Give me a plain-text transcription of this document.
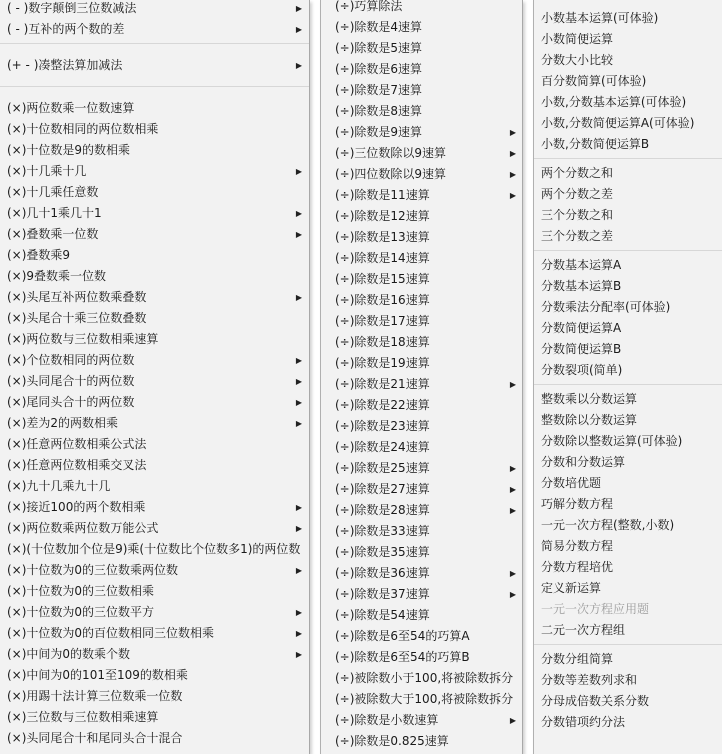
( - )数字颠倒三位数减法	▶
( - )互补的两个数的差	▶
(+ - )凑整法算加减法	▶
(×)两位数乘一位数速算
(×)十位数相同的两位数相乘
(×)十位数是9的数相乘
(×)十几乘十几	▶
(×)十几乘任意数
(×)几十1乘几十1	▶
(×)叠数乘一位数	▶
(×)叠数乘9
(×)9叠数乘一位数
(×)头尾互补两位数乘叠数	▶
(×)头尾合十乘三位数叠数
(×)两位数与三位数相乘速算
(×)个位数相同的两位数	▶
(×)头同尾合十的两位数	▶
(×)尾同头合十的两位数	▶
(×)差为2的两数相乘	▶
(×)任意两位数相乘公式法
(×)任意两位数相乘交叉法
(×)九十几乘九十几
(×)接近100的两个数相乘	▶
(×)两位数乘两位数万能公式	▶
(×)(十位数加个位是9)乘(十位数比个位数多1)的两位数
(×)十位数为0的三位数乘两位数	▶
(×)十位数为0的三位数相乘
(×)十位数为0的三位数平方	▶
(×)十位数为0的百位数相同三位数相乘	▶
(×)中间为0的数乘个数	▶
(×)中间为0的101至109的数相乘
(×)用踢十法计算三位数乘一位数
(×)三位数与三位数相乘速算
(×)头同尾合十和尾同头合十混合
(÷)巧算除法
(÷)除数是4速算
(÷)除数是5速算
(÷)除数是6速算
(÷)除数是7速算
(÷)除数是8速算
(÷)除数是9速算	▶
(÷)三位数除以9速算	▶
(÷)四位数除以9速算	▶
(÷)除数是11速算	▶
(÷)除数是12速算
(÷)除数是13速算
(÷)除数是14速算
(÷)除数是15速算
(÷)除数是16速算
(÷)除数是17速算
(÷)除数是18速算
(÷)除数是19速算
(÷)除数是21速算	▶
(÷)除数是22速算
(÷)除数是23速算
(÷)除数是24速算
(÷)除数是25速算	▶
(÷)除数是27速算	▶
(÷)除数是28速算	▶
(÷)除数是33速算
(÷)除数是35速算
(÷)除数是36速算	▶
(÷)除数是37速算	▶
(÷)除数是54速算
(÷)除数是6至54的巧算A
(÷)除数是6至54的巧算B
(÷)被除数小于100,将被除数拆分
(÷)被除数大于100,将被除数拆分
(÷)除数是小数速算	▶
(÷)除数是0.825速算
小数基本运算(可体验)
小数简便运算
分数大小比较
百分数简算(可体验)
小数,分数基本运算(可体验)
小数,分数简便运算A(可体验)
小数,分数简便运算B
两个分数之和
两个分数之差
三个分数之和
三个分数之差
分数基本运算A
分数基本运算B
分数乘法分配率(可体验)
分数简便运算A
分数简便运算B
分数裂项(简单)
整数乘以分数运算
整数除以分数运算
分数除以整数运算(可体验)
分数和分数运算
分数培优题
巧解分数方程
一元一次方程(整数,小数)
简易分数方程
分数方程培优
定义新运算
一元一次方程应用题
二元一次方程组
分数分组简算
分数等差数列求和
分母成倍数关系分数
分数错项约分法
